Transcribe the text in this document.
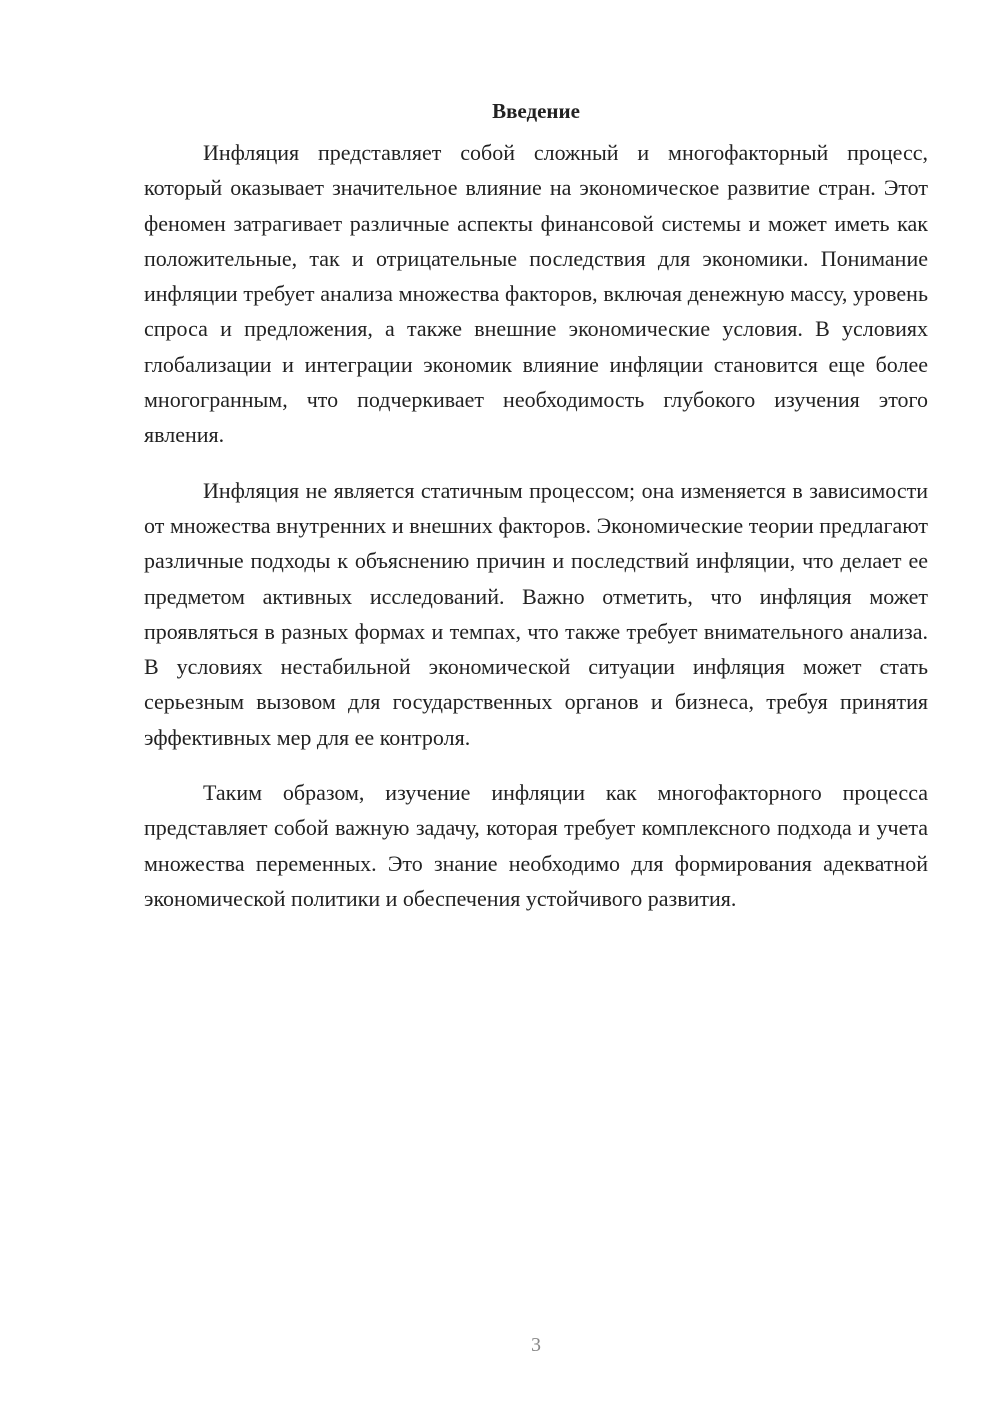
Введение

Инфляция представляет собой сложный и многофакторный процесс, который оказывает значительное влияние на экономическое развитие стран. Этот феномен затрагивает различные аспекты финансовой системы и может иметь как положительные, так и отрицательные последствия для экономики. Понимание инфляции требует анализа множества факторов, включая денежную массу, уровень спроса и предложения, а также внешние экономические условия. В условиях глобализации и интеграции экономик влияние инфляции становится еще более многогранным, что подчеркивает необходимость глубокого изучения этого явления.

Инфляция не является статичным процессом; она изменяется в зависимости от множества внутренних и внешних факторов. Экономические теории предлагают различные подходы к объяснению причин и последствий инфляции, что делает ее предметом активных исследований. Важно отметить, что инфляция может проявляться в разных формах и темпах, что также требует внимательного анализа. В условиях нестабильной экономической ситуации инфляция может стать серьезным вызовом для государственных органов и бизнеса, требуя принятия эффективных мер для ее контроля.

Таким образом, изучение инфляции как многофакторного процесса представляет собой важную задачу, которая требует комплексного подхода и учета множества переменных. Это знание необходимо для формирования адекватной экономической политики и обеспечения устойчивого развития.

3
